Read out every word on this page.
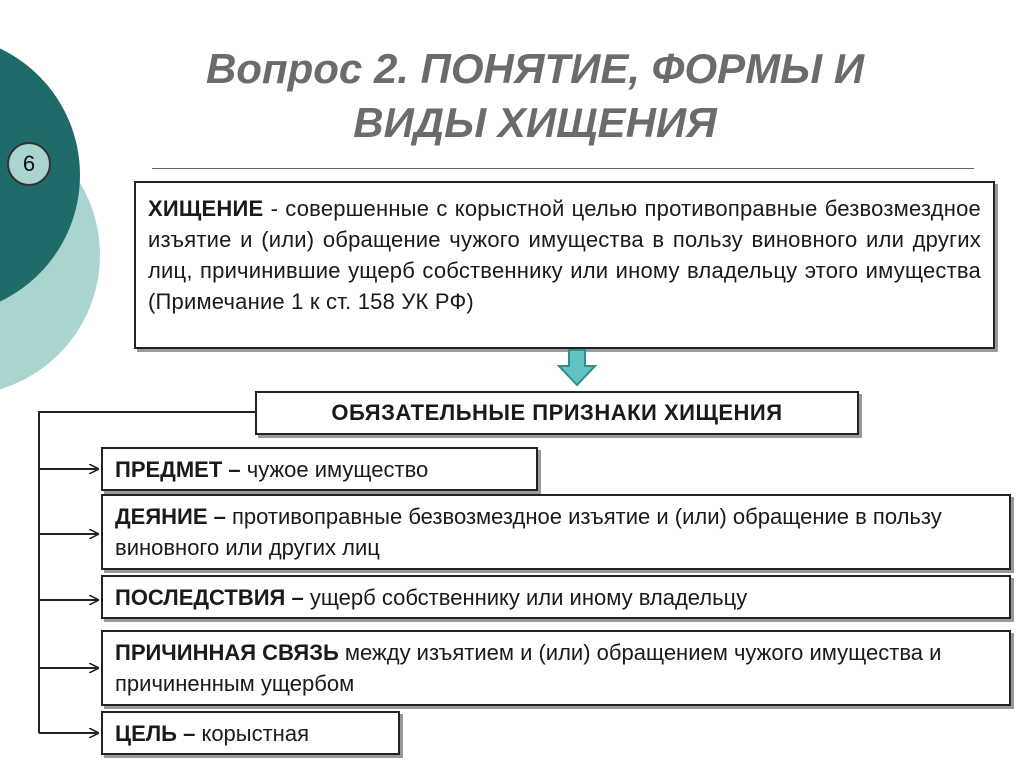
6
Вопрос 2. ПОНЯТИЕ, ФОРМЫ И
ВИДЫ ХИЩЕНИЯ
ХИЩЕНИЕ - совершенные с корыстной целью противоправные безвозмездное изъятие и (или) обращение чужого имущества в пользу виновного или других лиц, причинившие ущерб собственнику или иному владельцу этого имущества (Примечание 1 к ст. 158 УК РФ)
ОБЯЗАТЕЛЬНЫЕ ПРИЗНАКИ ХИЩЕНИЯ
ПРЕДМЕТ – чужое имущество
ДЕЯНИЕ – противоправные безвозмездное изъятие и (или) обращение в пользу виновного или других лиц
ПОСЛЕДСТВИЯ – ущерб собственнику или иному владельцу
ПРИЧИННАЯ СВЯЗЬ между изъятием и (или) обращением чужого имущества и причиненным ущербом
ЦЕЛЬ – корыстная
